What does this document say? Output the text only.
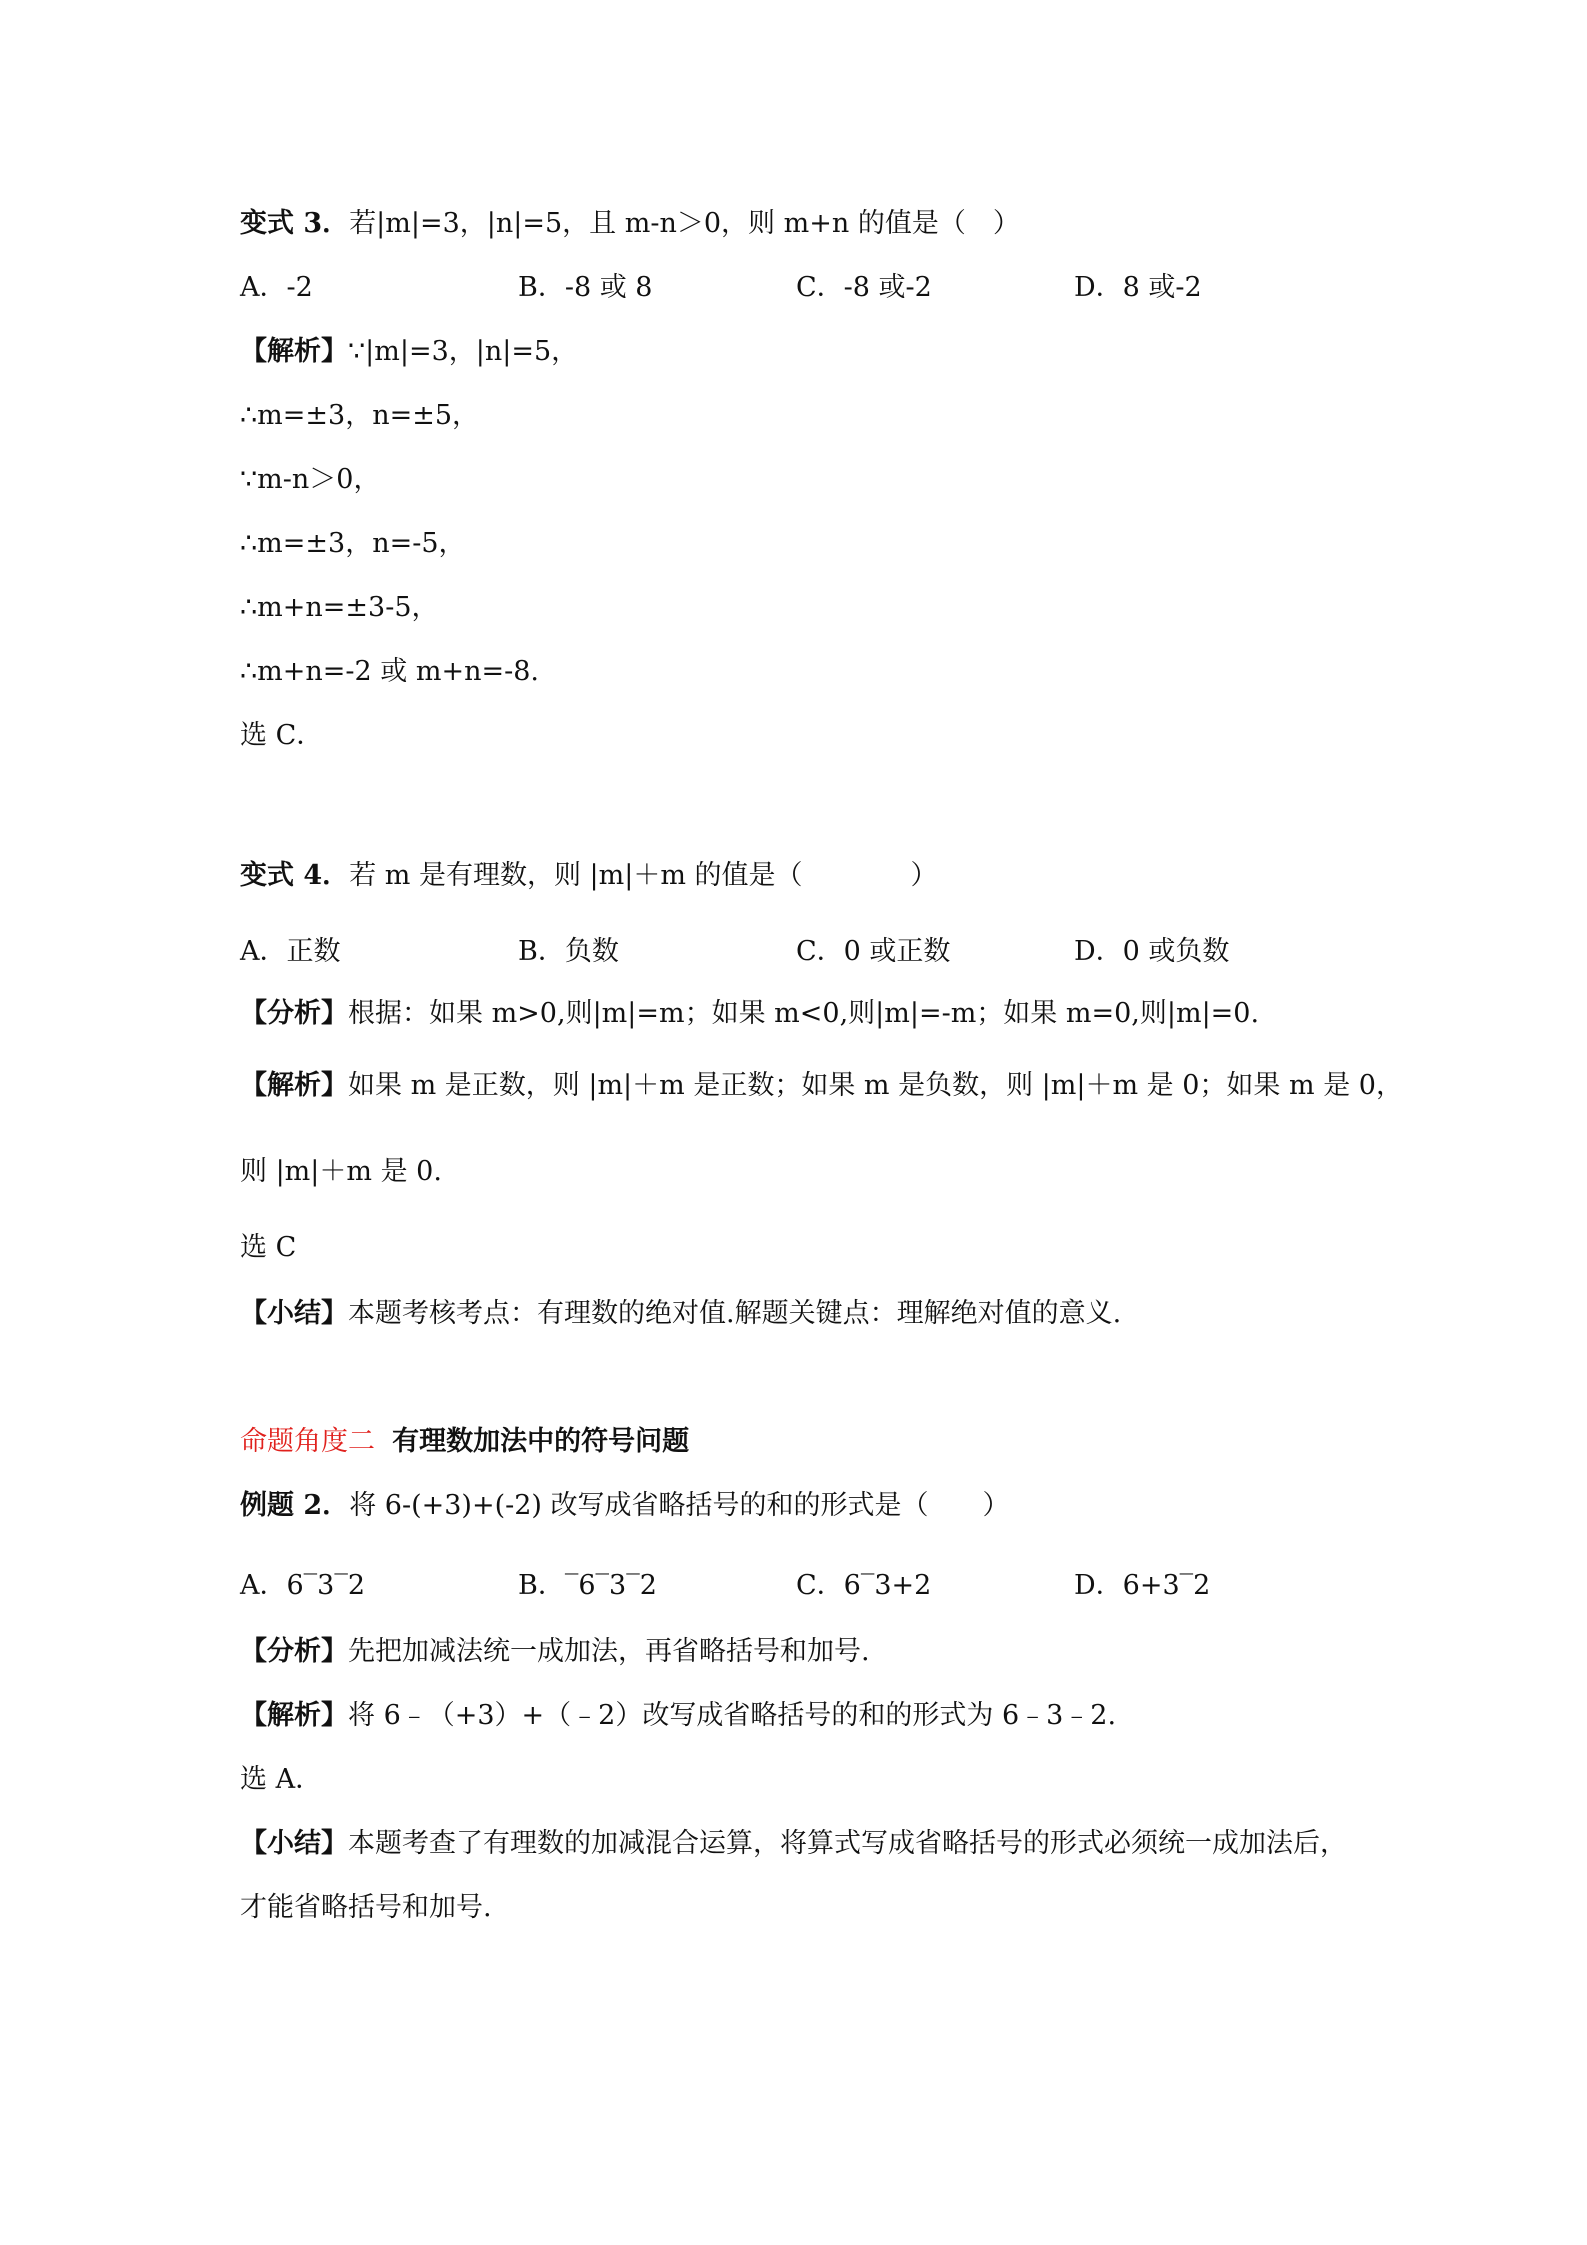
变式 3．若|m|=3，|n|=5，且 m-n＞0，则 m+n 的值是（　）
A．-2	B．-8 或 8	C．-8 或-2	D．8 或-2
【解析】∵|m|=3，|n|=5，
∴m=±3，n=±5，
∵m-n＞0，
∴m=±3，n=-5，
∴m+n=±3-5，
∴m+n=-2 或 m+n=-8.
选 C．
变式 4．若 m 是有理数，则 |m|＋m 的值是（　　　　）
A．正数	B．负数	C．0 或正数	D．0 或负数
【分析】根据：如果 m>0,则|m|=m；如果 m<0,则|m|=-m；如果 m=0,则|m|=0.
【解析】如果 m 是正数，则 |m|＋m 是正数；如果 m 是负数，则 |m|＋m 是 0；如果 m 是 0，
则 |m|＋m 是 0.
选 C
【小结】本题考核考点：有理数的绝对值.解题关键点：理解绝对值的意义.
命题角度二 有理数加法中的符号问题
例题 2．将 6-(+3)+(-2) 改写成省略括号的和的形式是（　　）
A．6‾3‾2	B．‾6‾3‾2	C．6‾3+2	D．6+3‾2
【分析】先把加减法统一成加法，再省略括号和加号.
【解析】将 6﹣（+3）+（﹣2）改写成省略括号的和的形式为 6﹣3﹣2.
选 A．
【小结】本题考查了有理数的加减混合运算，将算式写成省略括号的形式必须统一成加法后，
才能省略括号和加号.
